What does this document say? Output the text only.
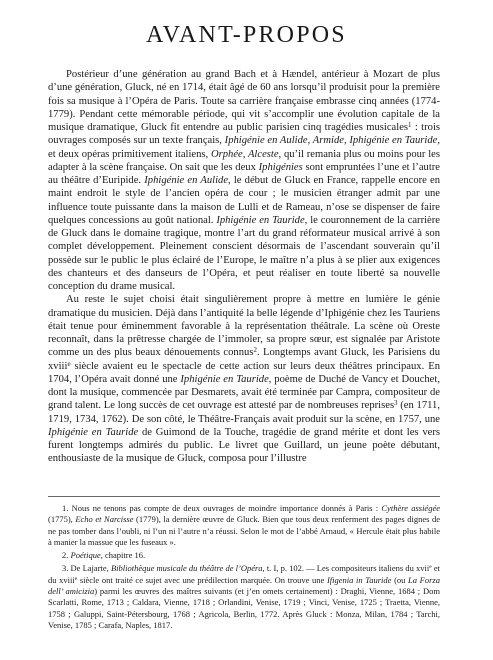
AVANT-PROPOS

Postérieur d’une génération au grand Bach et à Hændel, antérieur à Mozart de plus d’une génération, Gluck, né en 1714, était âgé de 60 ans lorsqu’il produisit pour la première fois sa musique à l’Opéra de Paris. Toute sa carrière française embrasse cinq années (1774-1779). Pendant cette mémorable période, qui vit s’accomplir une évolution capitale de la musique dramatique, Gluck fit entendre au public parisien cinq tragédies musicales$^1$ : trois ouvrages composés sur un texte français, Iphigénie en Aulide, Armide, Iphigénie en Tauride, et deux opéras primitivement italiens, Orphée, Alceste, qu’il remania plus ou moins pour les adapter à la scène française. On sait que les deux Iphigénies sont empruntées l’une et l’autre au théâtre d’Euripide. Iphigénie en Aulide, le début de Gluck en France, rappelle encore en maint endroit le style de l’ancien opéra de cour ; le musicien étranger admit par une influence toute puissante dans la maison de Lulli et de Rameau, n’ose se dispenser de faire quelques concessions au goût national. Iphigénie en Tauride, le couronnement de la carrière de Gluck dans le domaine tragique, montre l’art du grand réformateur musical arrivé à son complet développement. Pleinement conscient désormais de l’ascendant souverain qu’il possède sur le public le plus éclairé de l’Europe, le maître n’a plus à se plier aux exigences des chanteurs et des danseurs de l’Opéra, et peut réaliser en toute liberté sa nouvelle conception du drame musical.

Au reste le sujet choisi était singulièrement propre à mettre en lumière le génie dramatique du musicien. Déjà dans l’antiquité la belle légende d’Iphigénie chez les Tauriens était tenue pour éminemment favorable à la représentation théâtrale. La scène où Oreste reconnaît, dans la prêtresse chargée de l’immoler, sa propre sœur, est signalée par Aristote comme un des plus beaux dénouements connus$^2$. Longtemps avant Gluck, les Parisiens du xviii$^e$ siècle avaient eu le spectacle de cette action sur leurs deux théâtres principaux. En 1704, l’Opéra avait donné une Iphigénie en Tauride, poème de Duché de Vancy et Douchet, dont la musique, commencée par Desmarets, avait été terminée par Campra, compositeur de grand talent. Le long succès de cet ouvrage est attesté par de nombreuses reprises$^3$ (en 1711, 1719, 1734, 1762). De son côté, le Théâtre-Français avait produit sur la scène, en 1757, une Iphigénie en Tauride de Guimond de la Touche, tragédie de grand mérite et dont les vers furent longtemps admirés du public. Le livret que Guillard, un jeune poète débutant, enthousiaste de la musique de Gluck, composa pour l’illustre

1. Nous ne tenons pas compte de deux ouvrages de moindre importance donnés à Paris : Cythère assiégée (1775), Echo et Narcisse (1779), la dernière œuvre de Gluck. Bien que tous deux renferment des pages dignes de ne pas tomber dans l’oubli, ni l’un ni l’autre n’a réussi. Selon le mot de l’abbé Arnaud, « Hercule était plus habile à manier la massue que les fuseaux ».

2. Poétique, chapitre 16.

3. De Lajarte, Bibliothèque musicale du théâtre de l’Opéra, t. I, p. 102. — Les compositeurs italiens du xvii$^e$ et du xviii$^e$ siècle ont traité ce sujet avec une prédilection marquée. On trouve une Ifigenia in Tauride (ou La Forza dell’ amicizia) parmi les œuvres des maîtres suivants (et j’en omets certainement) : Draghi, Vienne, 1684 ; Dom Scarlatti, Rome, 1713 ; Caldara, Vienne, 1718 ; Orlandini, Venise, 1719 ; Vinci, Venise, 1725 ; Traetta, Vienne, 1758 ; Galuppi, Saint-Pétersbourg, 1768 ; Agricola, Berlin, 1772. Après Gluck : Monza, Milan, 1784 ; Tarchi, Venise, 1785 ; Carafa, Naples, 1817.
